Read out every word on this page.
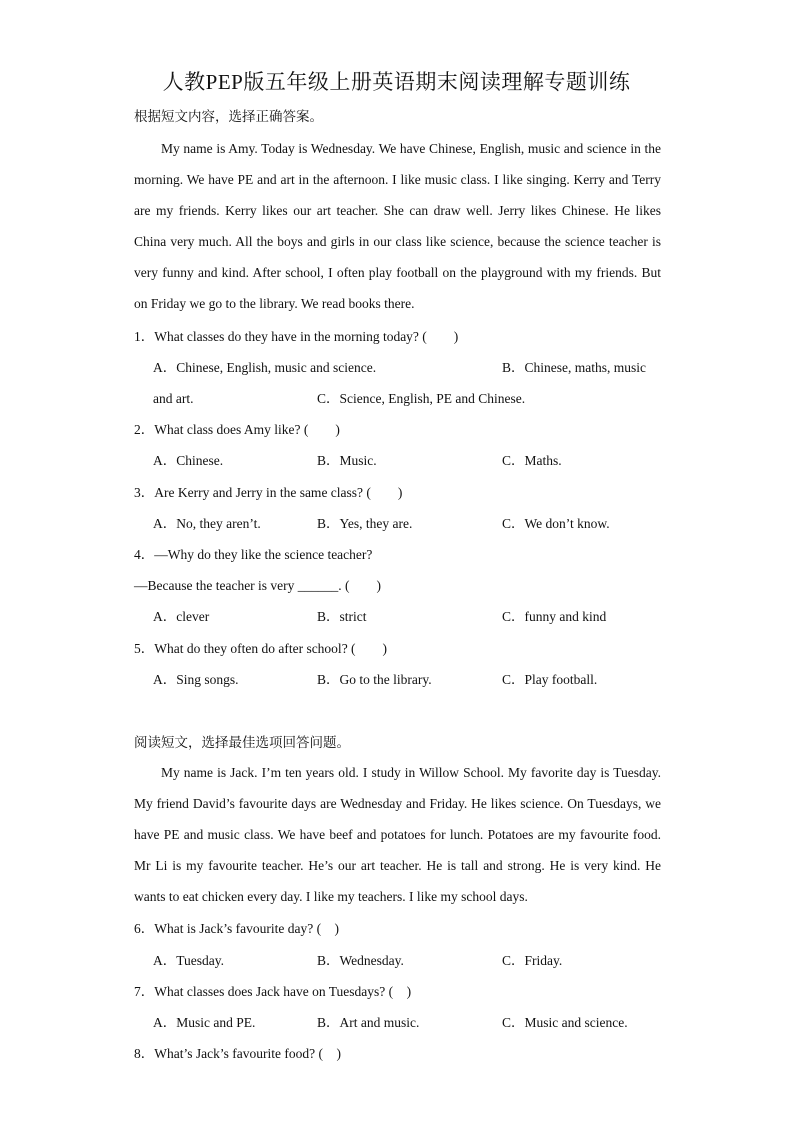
人教PEP版五年级上册英语期末阅读理解专题训练
根据短文内容，选择正确答案。

My name is Amy. Today is Wednesday. We have Chinese, English, music and science in the morning. We have PE and art in the afternoon. I like music class. I like singing. Kerry and Terry are my friends. Kerry likes our art teacher. She can draw well. Jerry likes Chinese. He likes China very much. All the boys and girls in our class like science, because the science teacher is very funny and kind. After school, I often play football on the playground with my friends. But on Friday we go to the library. We read books there.

1．What classes do they have in the morning today? (　　)
A．Chinese, English, music and science.	B．Chinese, maths, music
and art.	C．Science, English, PE and Chinese.
2．What class does Amy like? (　　)
A．Chinese.	B．Music.	C．Maths.
3．Are Kerry and Jerry in the same class? (　　)
A．No, they aren’t.	B．Yes, they are.	C．We don’t know.
4．—Why do they like the science teacher?
—Because the teacher is very ______. (　　)
A．clever	B．strict	C．funny and kind
5．What do they often do after school? (　　)
A．Sing songs.	B．Go to the library.	C．Play football.
阅读短文，选择最佳选项回答问题。

My name is Jack. I’m ten years old. I study in Willow School. My favorite day is Tuesday. My friend David’s favourite days are Wednesday and Friday. He likes science. On Tuesdays, we have PE and music class. We have beef and potatoes for lunch. Potatoes are my favourite food. Mr Li is my favourite teacher. He’s our art teacher. He is tall and strong. He is very kind. He wants to eat chicken every day. I like my teachers. I like my school days.

6．What is Jack’s favourite day? (　)
A．Tuesday.	B．Wednesday.	C．Friday.
7．What classes does Jack have on Tuesdays? (　)
A．Music and PE.	B．Art and music.	C．Music and science.
8．What’s Jack’s favourite food? (　)
